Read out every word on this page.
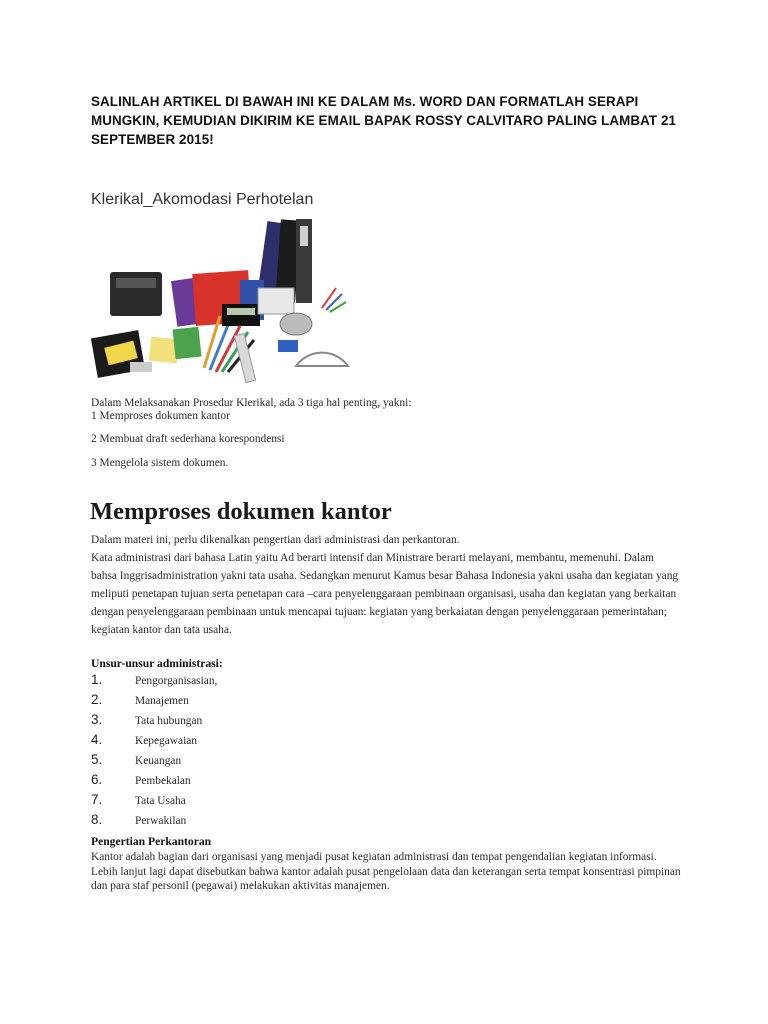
SALINLAH ARTIKEL DI BAWAH INI KE DALAM Ms. WORD DAN FORMATLAH SERAPI MUNGKIN, KEMUDIAN DIKIRIM KE EMAIL BAPAK ROSSY CALVITARO PALING LAMBAT 21 SEPTEMBER 2015!
Klerikal_Akomodasi Perhotelan
Dalam Melaksanakan Prosedur Klerikal, ada 3 tiga hal penting, yakni:
1 Memproses dokumen kantor
2 Membuat draft sederhana korespondensi
3 Mengelola sistem dokumen.
Memproses dokumen kantor

Dalam materi ini, perlu dikenalkan pengertian dari administrasi dan perkantoran.

Kata administrasi dari bahasa Latin yaitu Ad berarti intensif dan Ministrare berarti melayani, membantu, memenuhi. Dalam bahsa Inggrisadministration yakni tata usaha. Sedangkan menurut Kamus besar Bahasa Indonesia yakni usaha dan kegiatan yang meliputi penetapan tujuan serta penetapan cara –cara penyelenggaraan pembinaan organisasi, usaha dan kegiatan yang berkaitan dengan penyelenggaraan pembinaan untuk mencapai tujuan: kegiatan yang berkaiatan dengan penyelenggaraan pemerintahan; kegiatan kantor dan tata usaha.

Unsur-unsur administrasi:
1.	Pengorganisasian,
2.	Manajemen
3.	Tata hubungan
4.	Kepegawaian
5.	Keuangan
6.	Pembekalan
7.	Tata Usaha
8.	Perwakilan
Pengertian Perkantoran

Kantor adalah bagian dari organisasi yang menjadi pusat kegiatan administrasi dan tempat pengendalian kegiatan informasi.

Lebih lanjut lagi dapat disebutkan bahwa kantor adalah pusat pengelolaan data dan keterangan serta tempat konsentrasi pimpinan dan para staf personil (pegawai) melakukan aktivitas manajemen.
